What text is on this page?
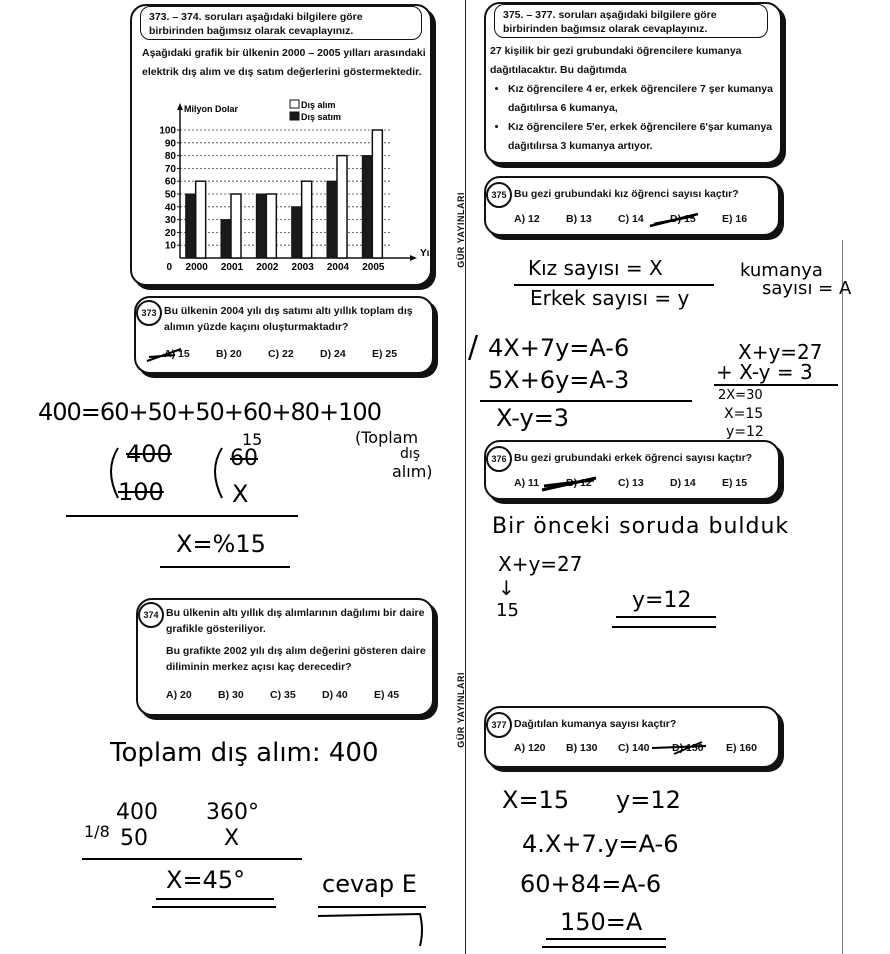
373. – 374. soruları aşağıdaki bilgilere göre birbirinden bağımsız olarak cevaplayınız.
Aşağıdaki grafik bir ülkenin 2000 – 2005 yılları arasındaki elektrik dış alım ve dış satım değerlerini göstermektedir.
10
20
30
40
50
60
70
80
90
100
0
Milyon Dolar
Yıl
Dış alım
Dış satım
2000 2001 2002 2003 2004 2005
373 Bu ülkenin 2004 yılı dış satımı altı yıllık toplam dış alımın yüzde kaçını oluşturmaktadır?
A) 15	B) 20	C) 22	D) 24	E) 25
400=60+50+50+60+80+100
(Toplam
dış
alım)
400
100
15
60
X
X=%15
374 Bu ülkenin altı yıllık dış alımlarının dağılımı bir daire grafikle gösteriliyor.
Bu grafikte 2002 yılı dış alım değerini gösteren daire diliminin merkez açısı kaç derecedir?
A) 20	B) 30	C) 35	D) 40	E) 45
Toplam dış alım: 400
1/8
400
50
360°
X
X=45°	cevap E
GÜR YAYINLARI
GÜR YAYINLARI
375. – 377. soruları aşağıdaki bilgilere göre birbirinden bağımsız olarak cevaplayınız.
27 kişilik bir gezi grubundaki öğrencilere kumanya dağıtılacaktır. Bu dağıtımda
• Kız öğrencilere 4 er, erkek öğrencilere 7 şer kumanya dağıtılırsa 6 kumanya,
• Kız öğrencilere 5'er, erkek öğrencilere 6'şar kumanya dağıtılırsa 3 kumanya artıyor.
375 Bu gezi grubundaki kız öğrenci sayısı kaçtır?
A) 12	B) 13	C) 14	D) 15	E) 16
Kız sayısı = X
Erkek sayısı = y
kumanya
sayısı = A
/ 4X+7y=A-6
5X+6y=A-3
X-y=3
X+y=27
+ X-y = 3
2X=30
X=15
y=12
376 Bu gezi grubundaki erkek öğrenci sayısı kaçtır?
A) 11	B) 12	C) 13	D) 14	E) 15
Bir önceki soruda bulduk
X+y=27
↓
15	y=12
377 Dağıtılan kumanya sayısı kaçtır?
A) 120	B) 130	C) 140	D) 150	E) 160
X=15 y=12
4.X+7.y=A-6
60+84=A-6
150=A
